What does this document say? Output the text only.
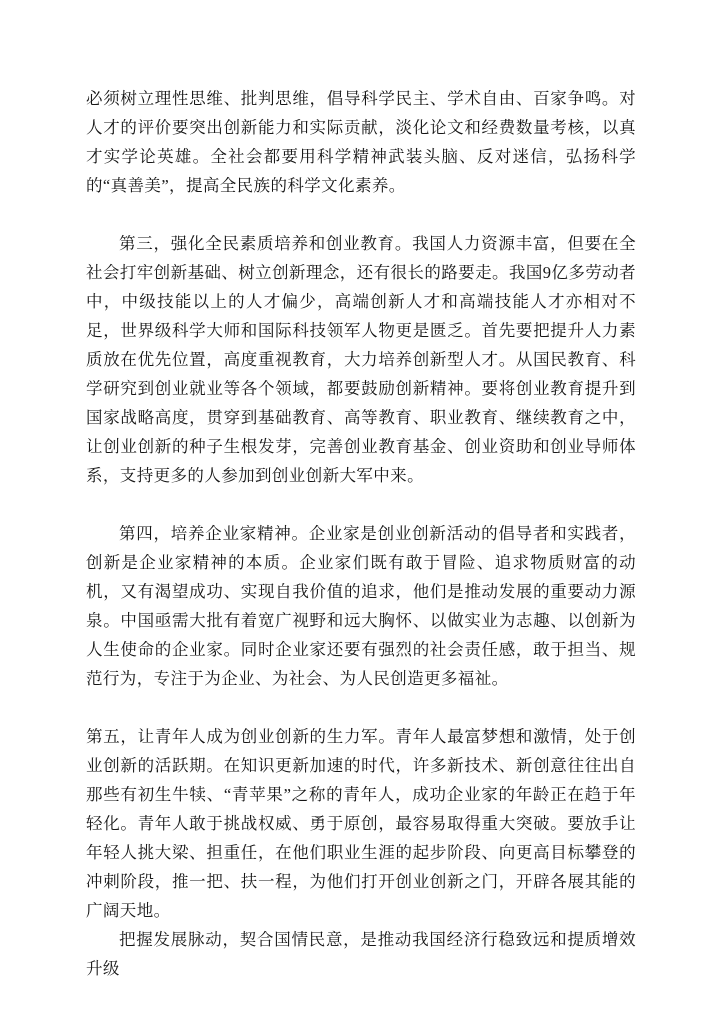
必须树立理性思维、批判思维，倡导科学民主、学术自由、百家争鸣。对人才的评价要突出创新能力和实际贡献，淡化论文和经费数量考核，以真才实学论英雄。全社会都要用科学精神武装头脑、反对迷信，弘扬科学的“真善美”，提高全民族的科学文化素养。

第三，强化全民素质培养和创业教育。我国人力资源丰富，但要在全社会打牢创新基础、树立创新理念，还有很长的路要走。我国9亿多劳动者中，中级技能以上的人才偏少，高端创新人才和高端技能人才亦相对不足，世界级科学大师和国际科技领军人物更是匮乏。首先要把提升人力素质放在优先位置，高度重视教育，大力培养创新型人才。从国民教育、科学研究到创业就业等各个领域，都要鼓励创新精神。要将创业教育提升到国家战略高度，贯穿到基础教育、高等教育、职业教育、继续教育之中，让创业创新的种子生根发芽，完善创业教育基金、创业资助和创业导师体系，支持更多的人参加到创业创新大军中来。

第四，培养企业家精神。企业家是创业创新活动的倡导者和实践者，创新是企业家精神的本质。企业家们既有敢于冒险、追求物质财富的动机，又有渴望成功、实现自我价值的追求，他们是推动发展的重要动力源泉。中国亟需大批有着宽广视野和远大胸怀、以做实业为志趣、以创新为人生使命的企业家。同时企业家还要有强烈的社会责任感，敢于担当、规范行为，专注于为企业、为社会、为人民创造更多福祉。

第五，让青年人成为创业创新的生力军。青年人最富梦想和激情，处于创业创新的活跃期。在知识更新加速的时代，许多新技术、新创意往往出自那些有初生牛犊、“青苹果”之称的青年人，成功企业家的年龄正在趋于年轻化。青年人敢于挑战权威、勇于原创，最容易取得重大突破。要放手让年轻人挑大梁、担重任，在他们职业生涯的起步阶段、向更高目标攀登的冲刺阶段，推一把、扶一程，为他们打开创业创新之门，开辟各展其能的广阔天地。

把握发展脉动，契合国情民意，是推动我国经济行稳致远和提质增效升级
